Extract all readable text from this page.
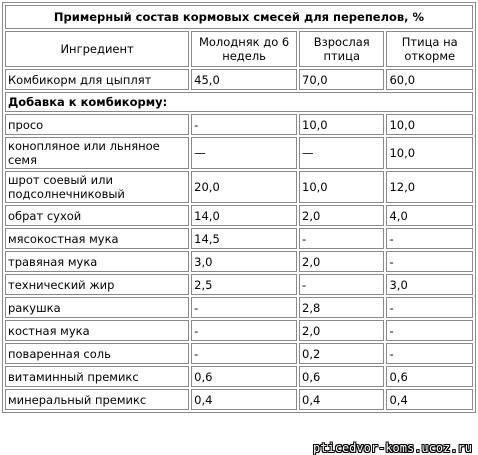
Примерный состав кормовых смесей для перепелов, %			
Ингредиент	Молодняк до 6 недель	Взрослая птица	Птица на откорме
Комбикорм для цыплят	45,0	70,0	60,0
Добавка к комбикорму:			
просо	-	10,0	10,0
конопляное или льняное семя	—	—	10,0
шрот соевый или подсолнечниковый	20,0	10,0	12,0
обрат сухой	14,0	2,0	4,0
мясокостная мука	14,5	-	-
травяная мука	3,0	2,0	-
технический жир	2,5	-	3,0
ракушка	-	2,8	-
костная мука	-	2,0	-
поваренная соль	-	0,2	-
витаминный премикс	0,6	0,6	0,6
минеральный премикс	0,4	0,4	0,4
pticedvor-koms.ucoz.ru
